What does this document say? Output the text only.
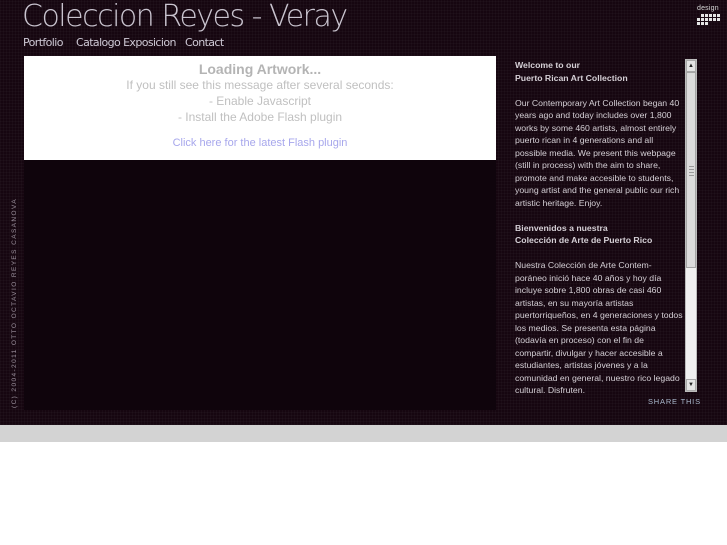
Coleccion Reyes - Veray
Portfolio Catalogo Exposicion Contact
design
(C) 2004-2011 OTTO OCTAVIO REYES CASANOVA
Loading Artwork...
If you still see this message after several seconds:
- Enable Javascript
- Install the Adobe Flash plugin
Click here for the latest Flash plugin
Welcome to our
Puerto Rican Art Collection

Our Contemporary Art Collection began 40 years ago and today includes over 1,800 works by some 460 artists, almost entirely puerto rican in 4 generations and all possible media. We present this webpage (still in process) with the aim to share, promote and make accesible to students, young artist and the general public our rich artistic heritage. Enjoy.

Bienvenidos a nuestra
Colección de Arte de Puerto Rico

Nuestra Colección de Arte Contem-poráneo inició hace 40 años y hoy día incluye sobre 1,800 obras de casi 460 artistas, en su mayoría artistas puertorriqueños, en 4 generaciones y todos los medios. Se presenta esta página (todavía en proceso) con el fin de compartir, divulgar y hacer accesible a estudiantes, artistas jóvenes y a la comunidad en general, nuestro rico legado cultural. Disfruten.

▲
▼
SHARE THIS
